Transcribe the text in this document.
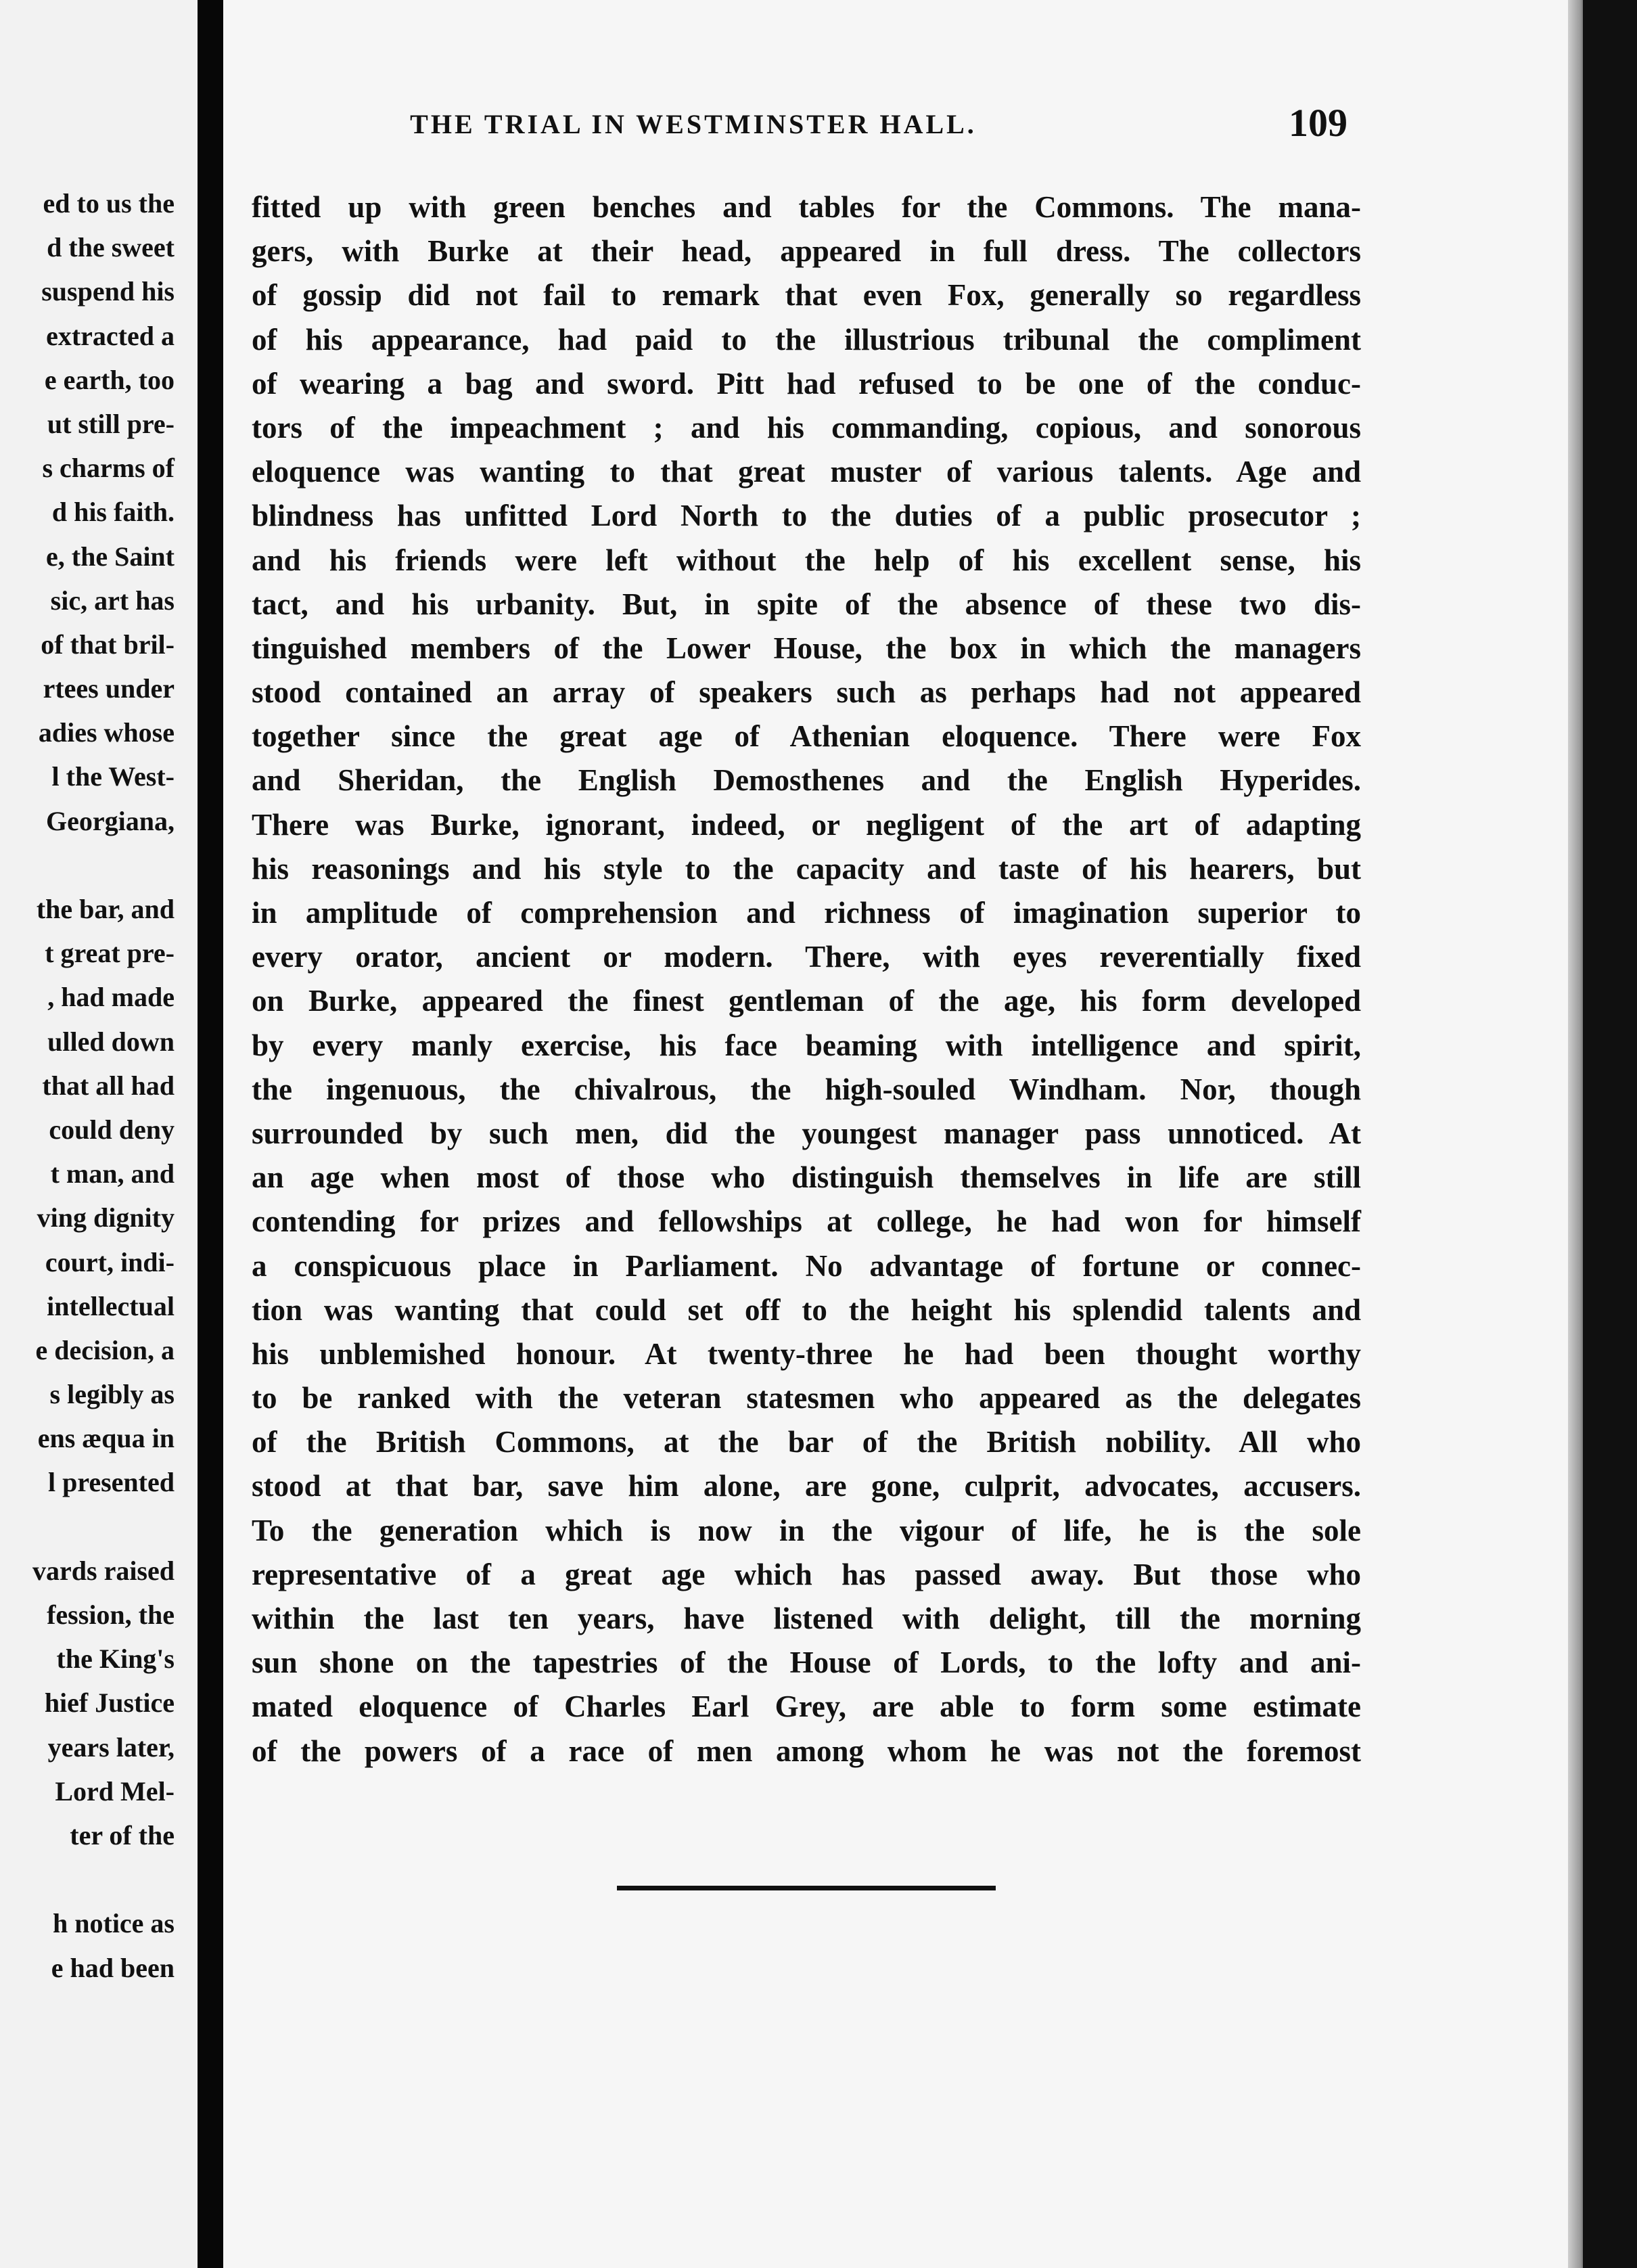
ed to us the
d the sweet
suspend his
extracted a
e earth, too
ut still pre-
s charms of
d his faith.
e, the Saint
sic, art has
of that bril-
rtees under
adies whose
l the West-
Georgiana,
the bar, and
t great pre-
, had made
ulled down
that all had
could deny
t man, and
ving dignity
court, indi-
intellectual
e decision, a
s legibly as
ens æqua in
l presented
vards raised
fession, the
the King's
hief Justice
years later,
Lord Mel-
ter of the
h notice as
e had been
THE TRIAL IN WESTMINSTER HALL.	109
fitted up with green benches and tables for the Commons. The mana-
gers, with Burke at their head, appeared in full dress. The collectors
of gossip did not fail to remark that even Fox, generally so regardless
of his appearance, had paid to the illustrious tribunal the compliment
of wearing a bag and sword. Pitt had refused to be one of the conduc-
tors of the impeachment ; and his commanding, copious, and sonorous
eloquence was wanting to that great muster of various talents. Age and
blindness has unfitted Lord North to the duties of a public prosecutor ;
and his friends were left without the help of his excellent sense, his
tact, and his urbanity. But, in spite of the absence of these two dis-
tinguished members of the Lower House, the box in which the managers
stood contained an array of speakers such as perhaps had not appeared
together since the great age of Athenian eloquence. There were Fox
and Sheridan, the English Demosthenes and the English Hyperides.
There was Burke, ignorant, indeed, or negligent of the art of adapting
his reasonings and his style to the capacity and taste of his hearers, but
in amplitude of comprehension and richness of imagination superior to
every orator, ancient or modern. There, with eyes reverentially fixed
on Burke, appeared the finest gentleman of the age, his form developed
by every manly exercise, his face beaming with intelligence and spirit,
the ingenuous, the chivalrous, the high-souled Windham. Nor, though
surrounded by such men, did the youngest manager pass unnoticed. At
an age when most of those who distinguish themselves in life are still
contending for prizes and fellowships at college, he had won for himself
a conspicuous place in Parliament. No advantage of fortune or connec-
tion was wanting that could set off to the height his splendid talents and
his unblemished honour. At twenty-three he had been thought worthy
to be ranked with the veteran statesmen who appeared as the delegates
of the British Commons, at the bar of the British nobility. All who
stood at that bar, save him alone, are gone, culprit, advocates, accusers.
To the generation which is now in the vigour of life, he is the sole
representative of a great age which has passed away. But those who
within the last ten years, have listened with delight, till the morning
sun shone on the tapestries of the House of Lords, to the lofty and ani-
mated eloquence of Charles Earl Grey, are able to form some estimate
of the powers of a race of men among whom he was not the foremost
